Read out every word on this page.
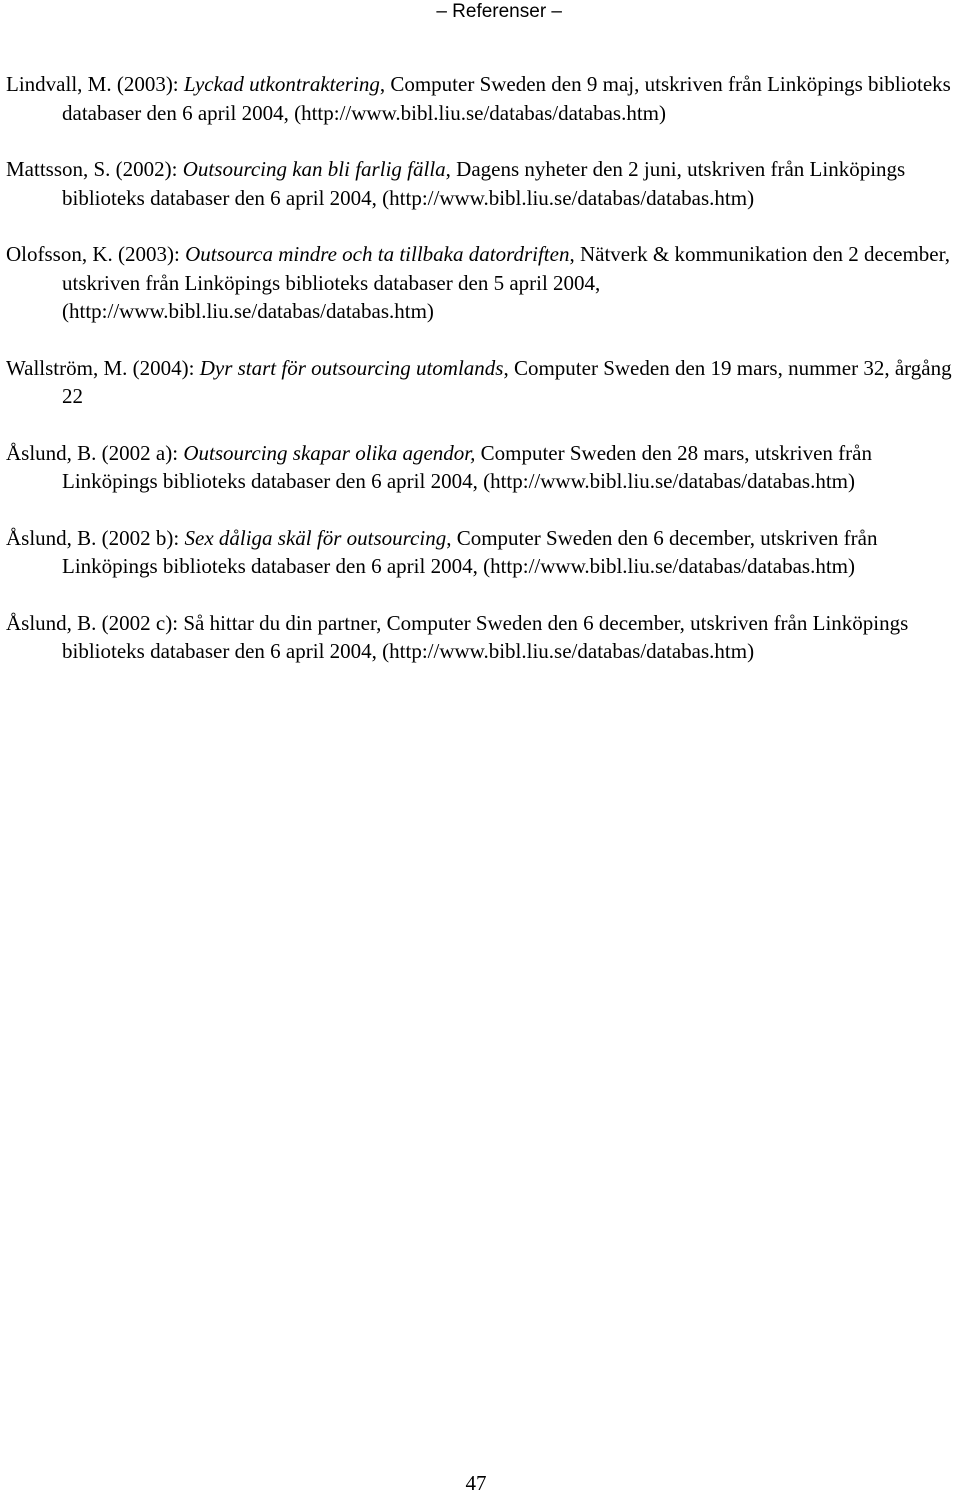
– Referenser –

Lindvall, M. (2003): Lyckad utkontraktering, Computer Sweden den 9 maj, utskriven från Linköpings biblioteks databaser den 6 april 2004, (http://www.bibl.liu.se/databas/databas.htm)

Mattsson, S. (2002): Outsourcing kan bli farlig fälla, Dagens nyheter den 2 juni, utskriven från Linköpings biblioteks databaser den 6 april 2004, (http://www.bibl.liu.se/databas/databas.htm)

Olofsson, K. (2003): Outsourca mindre och ta tillbaka datordriften, Nätverk & kommunikation den 2 december, utskriven från Linköpings biblioteks databaser den 5 april 2004, (http://www.bibl.liu.se/databas/databas.htm)

Wallström, M. (2004): Dyr start för outsourcing utomlands, Computer Sweden den 19 mars, nummer 32, årgång 22

Åslund, B. (2002 a): Outsourcing skapar olika agendor, Computer Sweden den 28 mars, utskriven från Linköpings biblioteks databaser den 6 april 2004, (http://www.bibl.liu.se/databas/databas.htm)

Åslund, B. (2002 b): Sex dåliga skäl för outsourcing, Computer Sweden den 6 december, utskriven från Linköpings biblioteks databaser den 6 april 2004, (http://www.bibl.liu.se/databas/databas.htm)

Åslund, B. (2002 c): Så hittar du din partner, Computer Sweden den 6 december, utskriven från Linköpings biblioteks databaser den 6 april 2004, (http://www.bibl.liu.se/databas/databas.htm)

47
